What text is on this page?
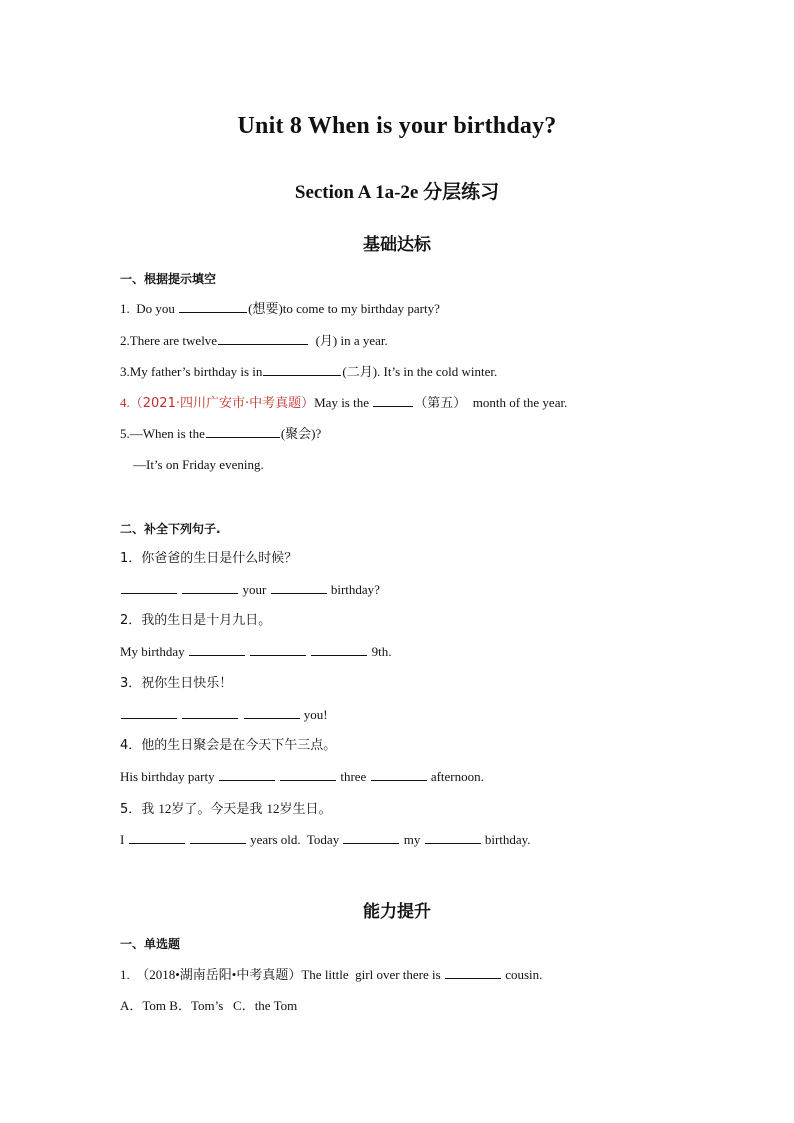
Unit 8 When is your birthday?
Section A 1a-2e 分层练习
基础达标
一、根据提示填空
1.  Do you	(想要)to come to my birthday party?
2.There are twelve	(月) in a year.
3.My father’s birthday is in	(二月). It’s in the cold winter.
4.（2021·四川广安市·中考真题）May is the	（第五）  month of the year.
5.—When is the	(聚会)?
—It’s on Friday evening.
二、补全下列句子.
1．你爸爸的生日是什么时候？
your	birthday?
2．我的生日是十月九日。
My birthday	9th.
3．祝你生日快乐！
you!
4．他的生日聚会是在今天下午三点。
His birthday party	three	afternoon.
5．我 12岁了。今天是我 12岁生日。
I	years old.  Today	my	birthday.
能力提升
一、单选题
1.  （2018•湖南岳阳•中考真题）The little  girl over there is	cousin.
A．Tom B．Tom’s   C．the Tom
